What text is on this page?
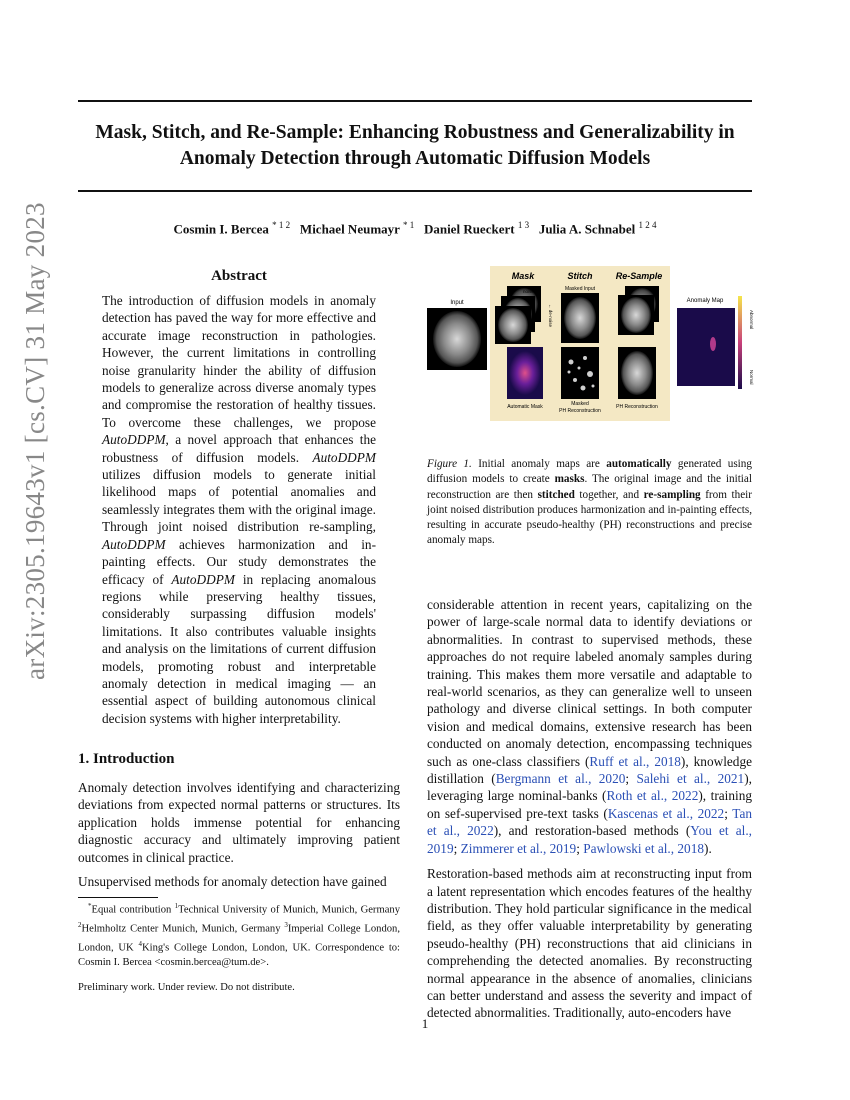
Mask, Stitch, and Re-Sample: Enhancing Robustness and Generalizability in
Anomaly Detection through Automatic Diffusion Models
Cosmin I. Bercea $^{* 1 2}$ Michael Neumayr $^{* 1}$ Daniel Rueckert $^{1 3}$ Julia A. Schnabel $^{1 2 4}$
arXiv:2305.19643v1 [cs.CV] 31 May 2023	Abstract
The introduction of diffusion models in anomaly detection has paved the way for more effective and accurate image reconstruction in pathologies. However, the current limitations in controlling noise granularity hinder the ability of diffusion models to generalize across diverse anomaly types and compromise the restoration of healthy tissues. To overcome these challenges, we propose AutoDDPM, a novel approach that enhances the robustness of diffusion models. AutoDDPM utilizes diffusion models to generate initial likelihood maps of potential anomalies and seamlessly integrates them with the original image. Through joint noised distribution re-sampling, AutoDDPM achieves harmonization and in-painting effects. Our study demonstrates the efficacy of AutoDDPM in replacing anomalous regions while preserving healthy tissues, considerably surpassing diffusion models' limitations. It also contributes valuable insights and analysis on the limitations of current diffusion models, promoting robust and interpretable anomaly detection in medical imaging — an essential aspect of building autonomous clinical decision systems with higher interpretability.
1. Introduction

Anomaly detection involves identifying and characterizing deviations from expected normal patterns or structures. Its application holds immense potential for enhancing diagnostic accuracy and ultimately improving patient outcomes in clinical practice.

Unsupervised methods for anomaly detection have gained

*Equal contribution $^1$Technical University of Munich, Munich, Germany $^2$Helmholtz Center Munich, Munich, Germany $^3$Imperial College London, London, UK $^4$King's College London, London, UK. Correspondence to: Cosmin I. Bercea <cosmin.bercea@tum.de>.

Preliminary work. Under review. Do not distribute.

Mask	Stitch	Re-Sample
Input
noise →
← de-noise
Masked Input
Automatic Mask	Masked
PH Reconstruction
PH Reconstruction
Anomaly Map
Abnormal
Normal
Figure 1. Initial anomaly maps are automatically generated using diffusion models to create masks. The original image and the initial reconstruction are then stitched together, and re-sampling from their joint noised distribution produces harmonization and in-painting effects, resulting in accurate pseudo-healthy (PH) reconstructions and precise anomaly maps.

considerable attention in recent years, capitalizing on the power of large-scale normal data to identify deviations or abnormalities. In contrast to supervised methods, these approaches do not require labeled anomaly samples during training. This makes them more versatile and adaptable to real-world scenarios, as they can generalize well to unseen pathology and diverse clinical settings. In both computer vision and medical domains, extensive research has been conducted on anomaly detection, encompassing techniques such as one-class classifiers (Ruff et al., 2018), knowledge distillation (Bergmann et al., 2020; Salehi et al., 2021), leveraging large nominal-banks (Roth et al., 2022), training on sef-supervised pre-text tasks (Kascenas et al., 2022; Tan et al., 2022), and restoration-based methods (You et al., 2019; Zimmerer et al., 2019; Pawlowski et al., 2018).

Restoration-based methods aim at reconstructing input from a latent representation which encodes features of the healthy distribution. They hold particular significance in the medical field, as they offer valuable interpretability by generating pseudo-healthy (PH) reconstructions that aid clinicians in comprehending the detected anomalies. By reconstructing normal appearance in the absence of anomalies, clinicians can better understand and assess the severity and impact of detected abnormalities. Traditionally, auto-encoders have

1
